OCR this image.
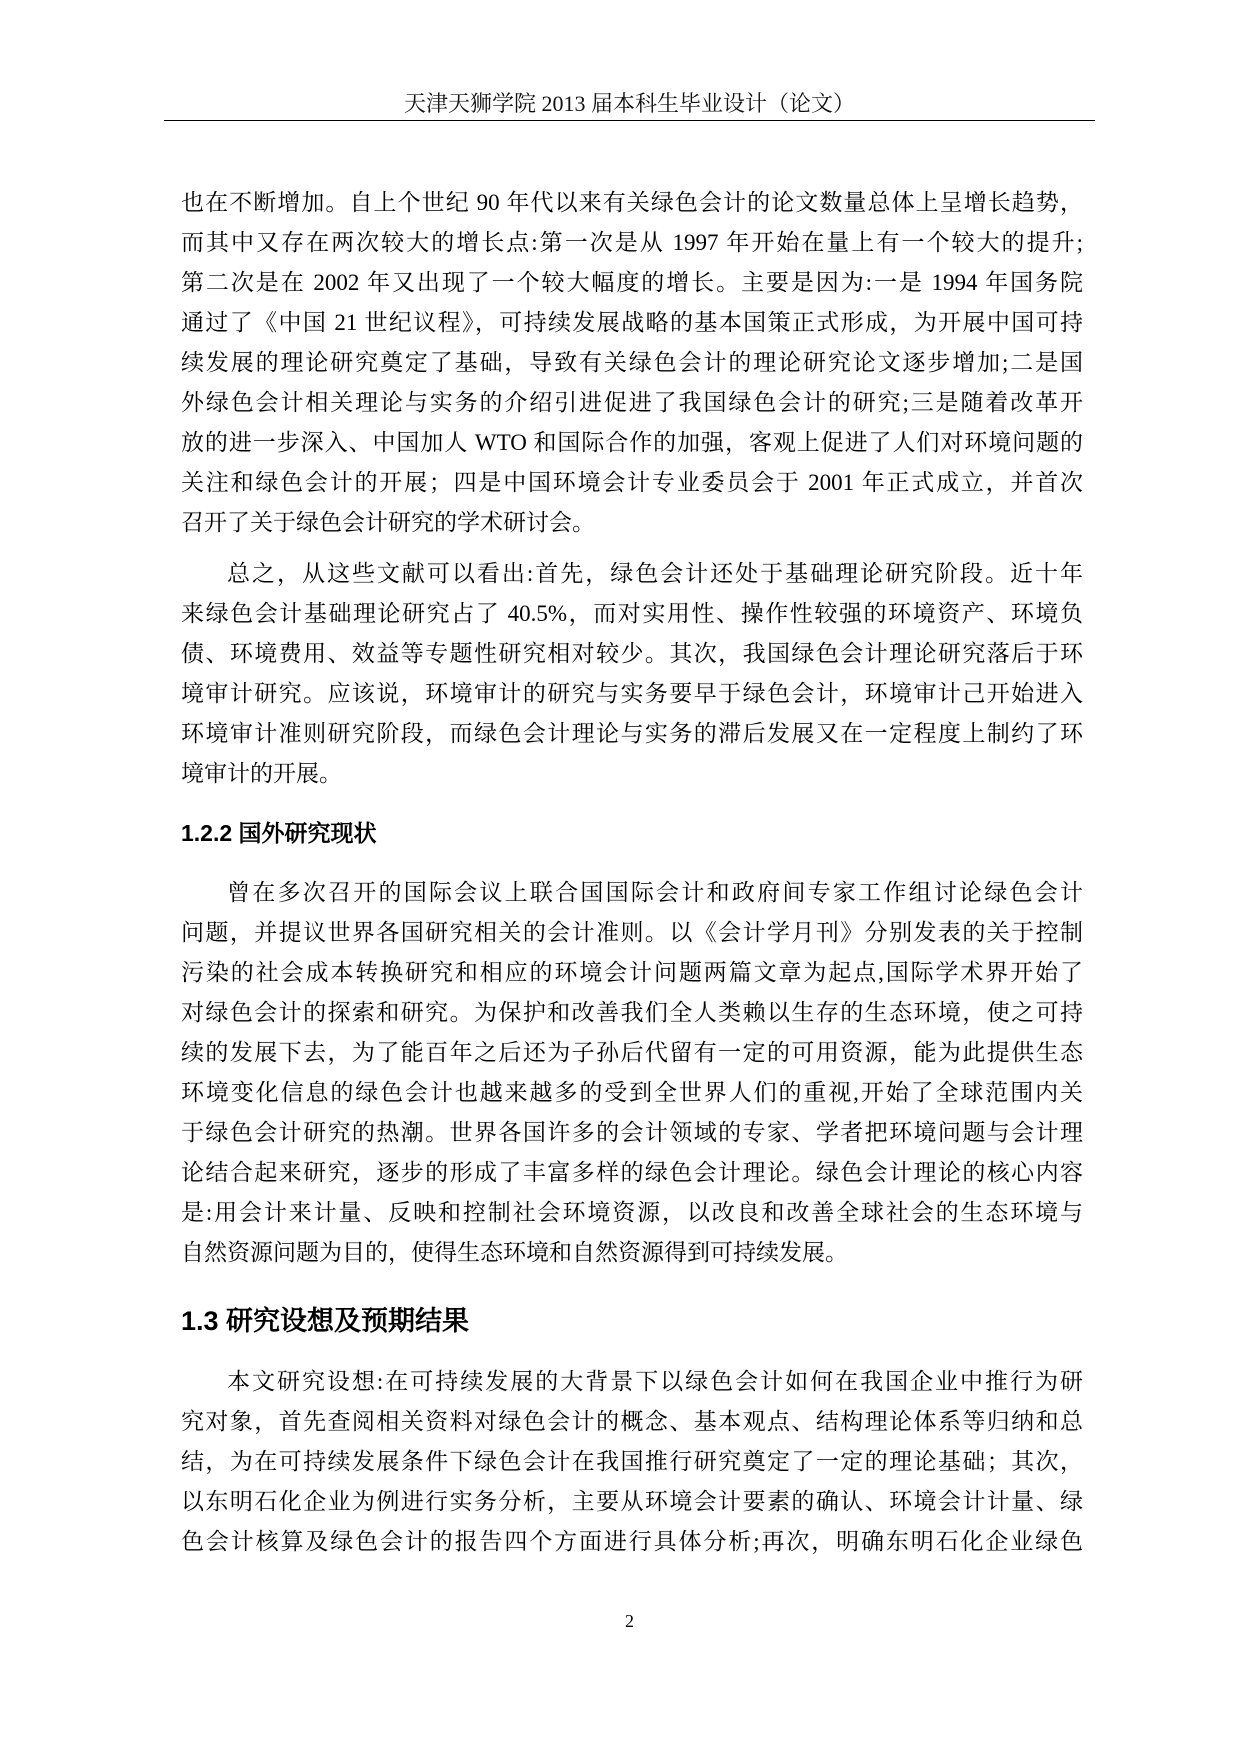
天津天狮学院 2013 届本科生毕业设计（论文）
也在不断增加。自上个世纪 90 年代以来有关绿色会计的论文数量总体上呈增长趋势，
而其中又存在两次较大的增长点:第一次是从 1997 年开始在量上有一个较大的提升;
第二次是在 2002 年又出现了一个较大幅度的增长。主要是因为:一是 1994 年国务院
通过了《中国 21 世纪议程》，可持续发展战略的基本国策正式形成，为开展中国可持
续发展的理论研究奠定了基础，导致有关绿色会计的理论研究论文逐步增加;二是国
外绿色会计相关理论与实务的介绍引进促进了我国绿色会计的研究;三是随着改革开
放的进一步深入、中国加人 WTO 和国际合作的加强，客观上促进了人们对环境问题的
关注和绿色会计的开展；四是中国环境会计专业委员会于 2001 年正式成立，并首次
召开了关于绿色会计研究的学术研讨会。
总之，从这些文献可以看出:首先，绿色会计还处于基础理论研究阶段。近十年
来绿色会计基础理论研究占了 40.5%，而对实用性、操作性较强的环境资产、环境负
债、环境费用、效益等专题性研究相对较少。其次，我国绿色会计理论研究落后于环
境审计研究。应该说，环境审计的研究与实务要早于绿色会计，环境审计己开始进入
环境审计准则研究阶段，而绿色会计理论与实务的滞后发展又在一定程度上制约了环
境审计的开展。
1.2.2 国外研究现状
曾在多次召开的国际会议上联合国国际会计和政府间专家工作组讨论绿色会计
问题，并提议世界各国研究相关的会计准则。以《会计学月刊》分别发表的关于控制
污染的社会成本转换研究和相应的环境会计问题两篇文章为起点,国际学术界开始了
对绿色会计的探索和研究。为保护和改善我们全人类赖以生存的生态环境，使之可持
续的发展下去，为了能百年之后还为子孙后代留有一定的可用资源，能为此提供生态
环境变化信息的绿色会计也越来越多的受到全世界人们的重视,开始了全球范围内关
于绿色会计研究的热潮。世界各国许多的会计领域的专家、学者把环境问题与会计理
论结合起来研究，逐步的形成了丰富多样的绿色会计理论。绿色会计理论的核心内容
是:用会计来计量、反映和控制社会环境资源，以改良和改善全球社会的生态环境与
自然资源问题为目的，使得生态环境和自然资源得到可持续发展。
1.3 研究设想及预期结果
本文研究设想:在可持续发展的大背景下以绿色会计如何在我国企业中推行为研
究对象，首先查阅相关资料对绿色会计的概念、基本观点、结构理论体系等归纳和总
结，为在可持续发展条件下绿色会计在我国推行研究奠定了一定的理论基础；其次，
以东明石化企业为例进行实务分析，主要从环境会计要素的确认、环境会计计量、绿
色会计核算及绿色会计的报告四个方面进行具体分析;再次，明确东明石化企业绿色
2
